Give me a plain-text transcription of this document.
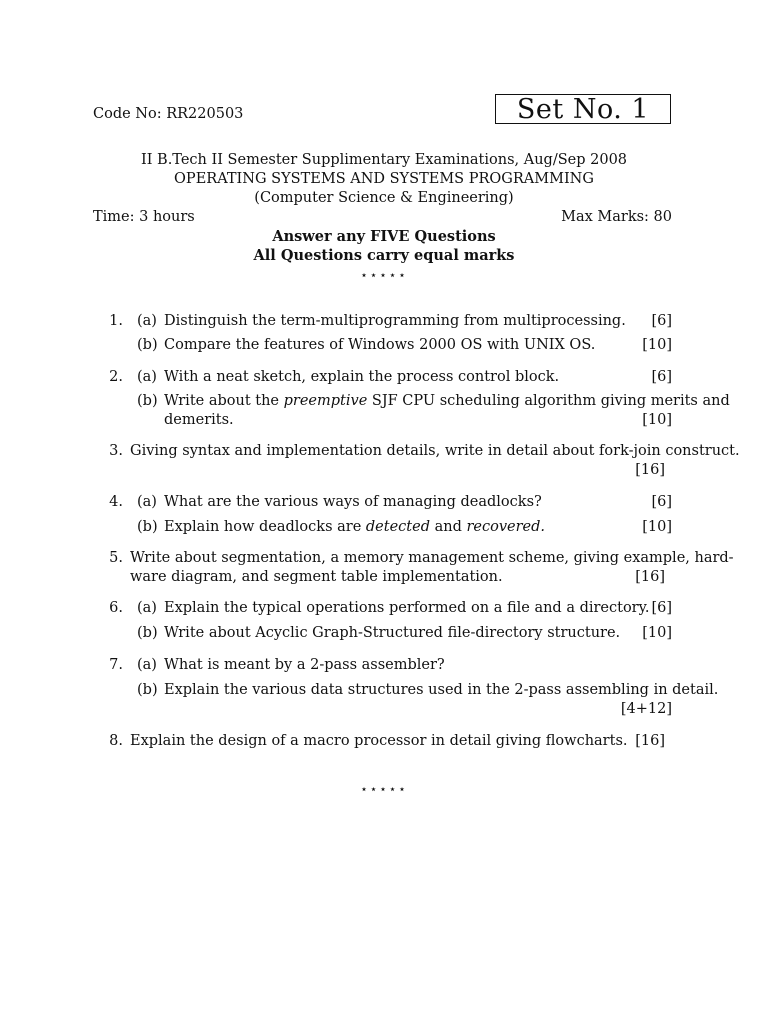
Code No: RR220503	Set No. 1
II B.Tech II Semester Supplimentary Examinations, Aug/Sep 2008
OPERATING SYSTEMS AND SYSTEMS PROGRAMMING
(Computer Science & Engineering)
Time: 3 hours	Max Marks: 80
Answer any FIVE Questions
All Questions carry equal marks
⋆⋆⋆⋆⋆
1. (a) Distinguish the term-multiprogramming from multiprocessing. [6]
(b) Compare the features of Windows 2000 OS with UNIX OS.	[10]
2. (a) With a neat sketch, explain the process control block.	[6]
(b) Write about the preemptive SJF CPU scheduling algorithm giving merits and
demerits.	[10]
3. Giving syntax and implementation details, write in detail about fork-join construct.
[16]
4. (a) What are the various ways of managing deadlocks?	[6]
(b) Explain how deadlocks are detected and recovered.	[10]
5. Write about segmentation, a memory management scheme, giving example, hard-
ware diagram, and segment table implementation.	[16]
6. (a) Explain the typical operations performed on a file and a directory. [6]
(b) Write about Acyclic Graph-Structured file-directory structure. [10]
7. (a) What is meant by a 2-pass assembler?
(b) Explain the various data structures used in the 2-pass assembling in detail.
[4+12]
8. Explain the design of a macro processor in detail giving flowcharts. [16]
⋆⋆⋆⋆⋆
